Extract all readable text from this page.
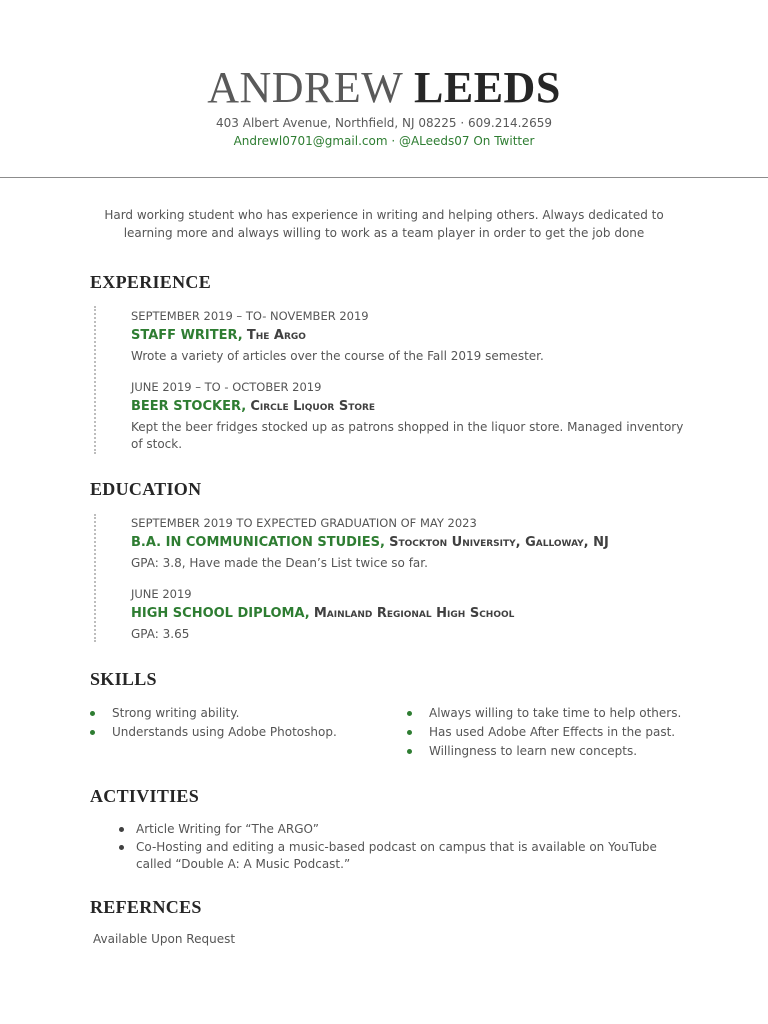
ANDREW LEEDS
403 Albert Avenue, Northfield, NJ 08225 · 609.214.2659
Andrewl0701@gmail.com · @ALeeds07 On Twitter
Hard working student who has experience in writing and helping others. Always dedicated to learning more and always willing to work as a team player in order to get the job done
EXPERIENCE
SEPTEMBER 2019 – TO- NOVEMBER 2019
STAFF WRITER, The Argo
Wrote a variety of articles over the course of the Fall 2019 semester.
JUNE 2019 – TO - OCTOBER 2019
BEER STOCKER, Circle Liquor Store
Kept the beer fridges stocked up as patrons shopped in the liquor store. Managed inventory of stock.
EDUCATION
SEPTEMBER 2019 TO EXPECTED GRADUATION OF MAY 2023
B.A. IN COMMUNICATION STUDIES, Stockton University, Galloway, NJ
GPA: 3.8, Have made the Dean’s List twice so far.
JUNE 2019
HIGH SCHOOL DIPLOMA, Mainland Regional High School
GPA: 3.65
SKILLS
Strong writing ability.
Understands using Adobe Photoshop.
Always willing to take time to help others.
Has used Adobe After Effects in the past.
Willingness to learn new concepts.
ACTIVITIES
Article Writing for “The ARGO”
Co-Hosting and editing a music-based podcast on campus that is available on YouTube called “Double A: A Music Podcast.”
REFERNCES
Available Upon Request
